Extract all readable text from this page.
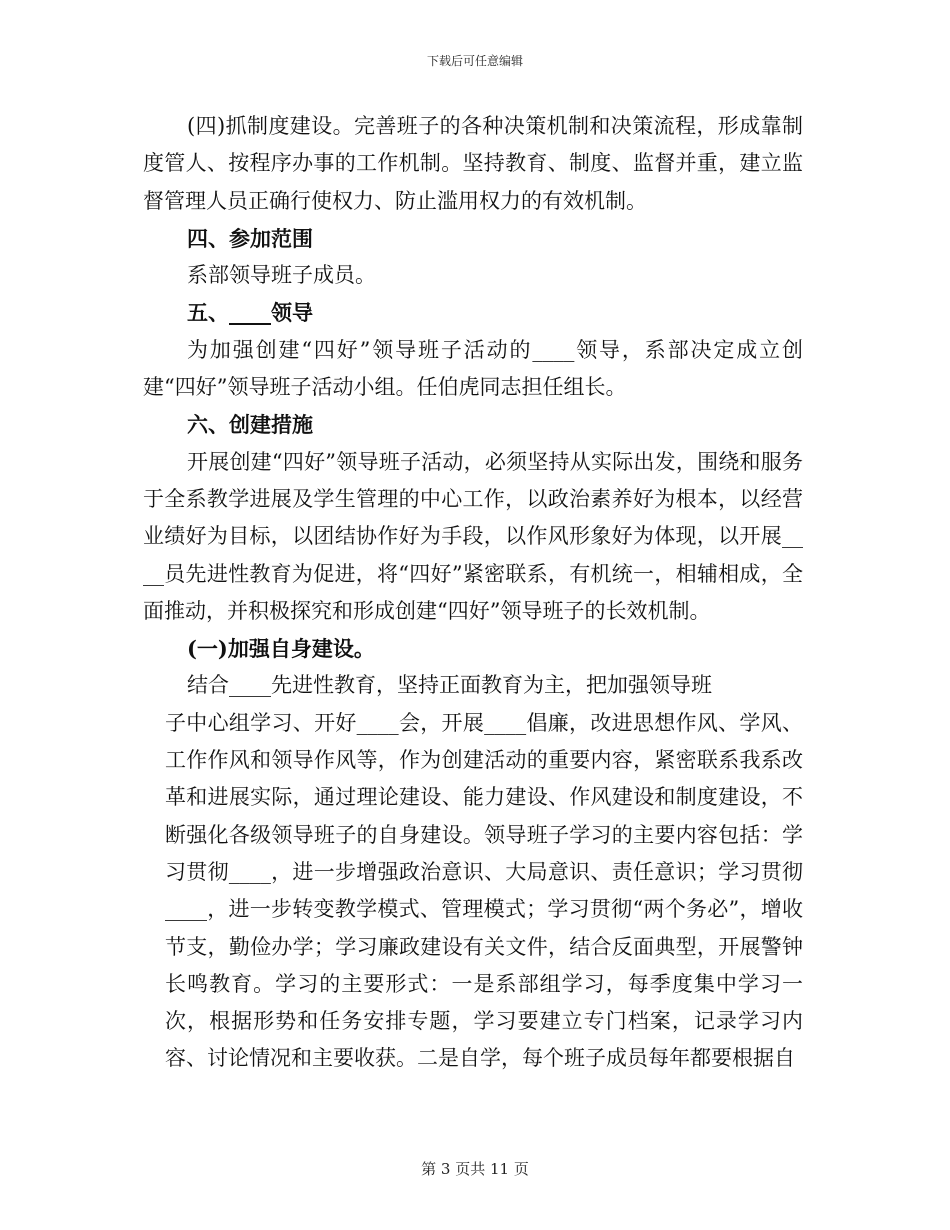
下载后可任意编辑

(四)抓制度建设。完善班子的各种决策机制和决策流程，形成靠制度管人、按程序办事的工作机制。坚持教育、制度、监督并重，建立监督管理人员正确行使权力、防止滥用权力的有效机制。

四、参加范围

系部领导班子成员。

五、____领导

为加强创建“四好”领导班子活动的____领导，系部决定成立创建“四好”领导班子活动小组。任伯虎同志担任组长。

六、创建措施

开展创建“四好”领导班子活动，必须坚持从实际出发，围绕和服务于全系教学进展及学生管理的中心工作，以政治素养好为根本，以经营业绩好为目标，以团结协作好为手段，以作风形象好为体现，以开展____员先进性教育为促进，将“四好”紧密联系，有机统一，相辅相成，全面推动，并积极探究和形成创建“四好”领导班子的长效机制。

(一)加强自身建设。

结合____先进性教育，坚持正面教育为主，把加强领导班

子中心组学习、开好____会，开展____倡廉，改进思想作风、学风、工作作风和领导作风等，作为创建活动的重要内容，紧密联系我系改革和进展实际，通过理论建设、能力建设、作风建设和制度建设，不断强化各级领导班子的自身建设。领导班子学习的主要内容包括：学习贯彻____，进一步增强政治意识、大局意识、责任意识；学习贯彻____，进一步转变教学模式、管理模式；学习贯彻“两个务必”，增收节支，勤俭办学；学习廉政建设有关文件，结合反面典型，开展警钟长鸣教育。学习的主要形式：一是系部组学习，每季度集中学习一次，根据形势和任务安排专题，学习要建立专门档案，记录学习内容、讨论情况和主要收获。二是自学，每个班子成员每年都要根据自

第 3 页共 11 页
